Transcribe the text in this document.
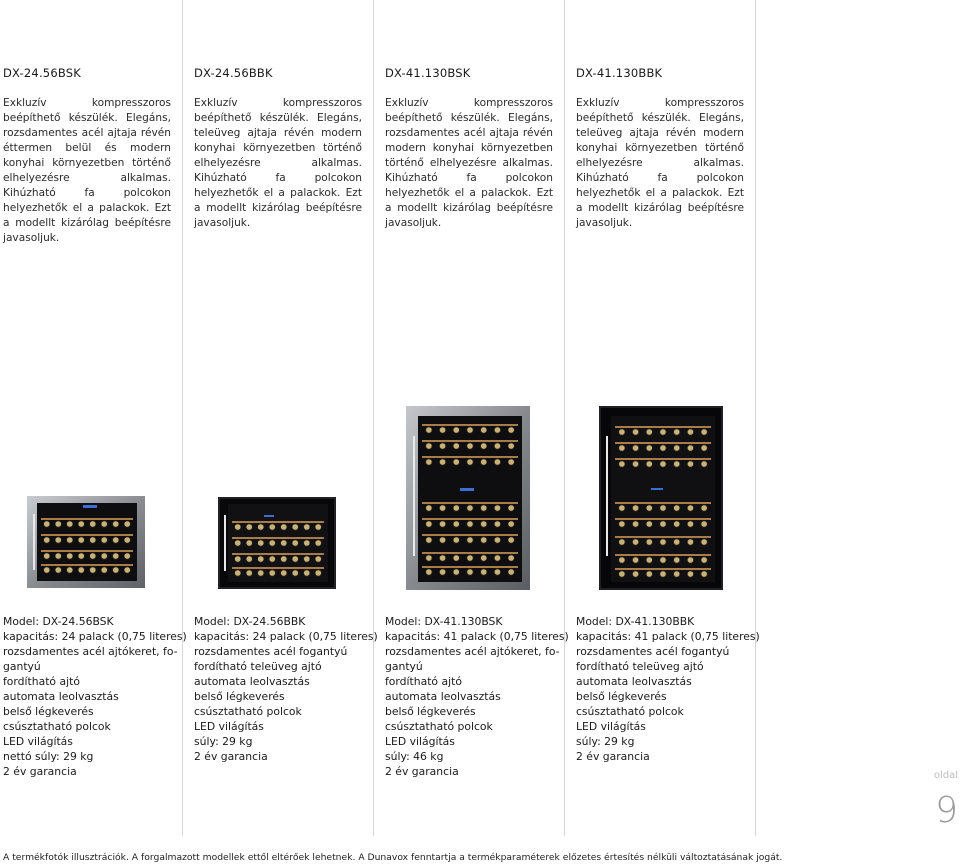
DX-24.56BSK
Exkluzív kompresszoros beépíthető készülék. Elegáns, rozsdamentes acél ajtaja révén éttermen belül és modern konyhai környezetben történő elhelyezésre alkalmas. Kihúzható fa polcokon helyezhetők el a palackok. Ezt a modellt kizárólag beépítésre javasoljuk.
Model: DX-24.56BSK
kapacitás: 24 palack (0,75 literes)
rozsdamentes acél ajtókeret, fo-
gantyú
fordítható ajtó
automata leolvasztás
belső légkeverés
csúsztatható polcok
LED világítás
nettó súly: 29 kg
2 év garancia
DX-24.56BBK
Exkluzív kompresszoros beépíthető készülék. Elegáns, teleüveg ajtaja révén modern konyhai környezetben történő elhelyezésre alkalmas. Kihúzható fa polcokon helyezhetők el a palackok. Ezt a modellt kizárólag beépítésre javasoljuk.
Model: DX-24.56BBK
kapacitás: 24 palack (0,75 literes)
rozsdamentes acél fogantyú
fordítható teleüveg ajtó
automata leolvasztás
belső légkeverés
csúsztatható polcok
LED világítás
súly: 29 kg
2 év garancia
DX-41.130BSK
Exkluzív kompresszoros beépíthető készülék. Elegáns, rozsdamentes acél ajtaja révén modern konyhai környezetben történő elhelyezésre alkalmas. Kihúzható fa polcokon helyezhetők el a palackok. Ezt a modellt kizárólag beépítésre javasoljuk.
Model: DX-41.130BSK
kapacitás: 41 palack (0,75 literes)
rozsdamentes acél ajtókeret, fo-
gantyú
fordítható ajtó
automata leolvasztás
belső légkeverés
csúsztatható polcok
LED világítás
súly: 46 kg
2 év garancia
DX-41.130BBK
Exkluzív kompresszoros beépíthető készülék. Elegáns, teleüveg ajtaja révén modern konyhai környezetben történő elhelyezésre alkalmas. Kihúzható fa polcokon helyezhetők el a palackok. Ezt a modellt kizárólag beépítésre javasoljuk.
Model: DX-41.130BBK
kapacitás: 41 palack (0,75 literes)
rozsdamentes acél fogantyú
fordítható teleüveg ajtó
automata leolvasztás
belső légkeverés
csúsztatható polcok
LED világítás
súly: 29 kg
2 év garancia
oldal
9
A termékfotók illusztrációk. A forgalmazott modellek ettől eltérőek lehetnek. A Dunavox fenntartja a termékparaméterek előzetes értesítés nélküli változtatásának jogát.
